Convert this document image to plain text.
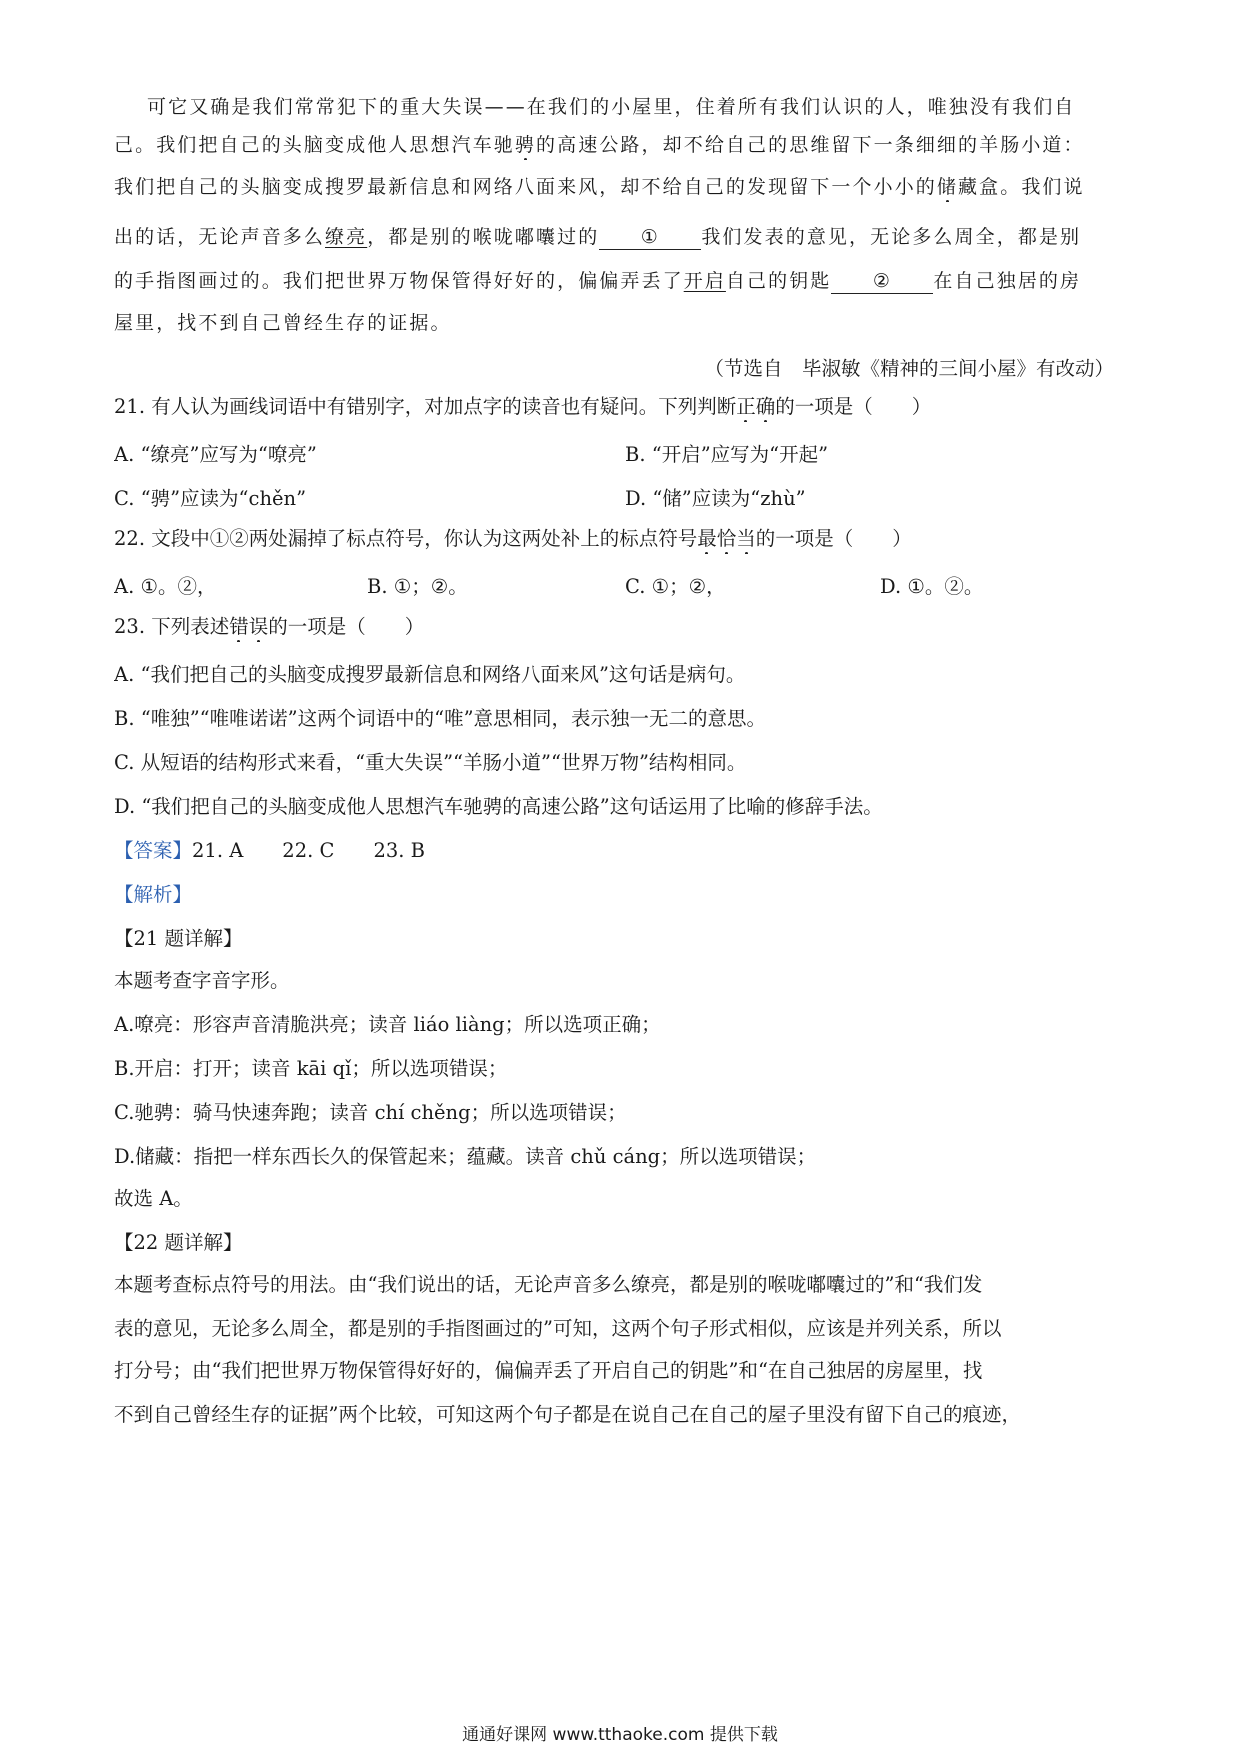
可它又确是我们常常犯下的重大失误——在我们的小屋里，住着所有我们认识的人，唯独没有我们自
己。我们把自己的头脑变成他人思想汽车驰骋的高速公路，却不给自己的思维留下一条细细的羊肠小道：
我们把自己的头脑变成搜罗最新信息和网络八面来风，却不给自己的发现留下一个小小的储藏盒。我们说
出的话，无论声音多么缭亮，都是别的喉咙嘟囔过的 ① 我们发表的意见，无论多么周全，都是别
的手指图画过的。我们把世界万物保管得好好的，偏偏弄丢了开启自己的钥匙 ② 在自己独居的房
屋里，找不到自己曾经生存的证据。
（节选自　毕淑敏《精神的三间小屋》有改动）
21. 有人认为画线词语中有错别字，对加点字的读音也有疑问。下列判断正确的一项是（　　）
A. “缭亮”应写为“嘹亮”	B. “开启”应写为“开起”
C. “骋”应读为“chěn”	D. “储”应读为“zhù”
22. 文段中①②两处漏掉了标点符号，你认为这两处补上的标点符号最恰当的一项是（　　）
A. ①。②，	B. ①；②。	C. ①；②，	D. ①。②。
23. 下列表述错误的一项是（　　）
A. “我们把自己的头脑变成搜罗最新信息和网络八面来风”这句话是病句。
B. “唯独”“唯唯诺诺”这两个词语中的“唯”意思相同，表示独一无二的意思。
C. 从短语的结构形式来看，“重大失误”“羊肠小道”“世界万物”结构相同。
D. “我们把自己的头脑变成他人思想汽车驰骋的高速公路”这句话运用了比喻的修辞手法。
【答案】21. A　　22. C　　23. B
【解析】
【21 题详解】
本题考查字音字形。
A.嘹亮：形容声音清脆洪亮；读音 liáo liàng；所以选项正确；
B.开启：打开；读音 kāi qǐ；所以选项错误；
C.驰骋：骑马快速奔跑；读音 chí chěng；所以选项错误；
D.储藏：指把一样东西长久的保管起来；蕴藏。读音 chǔ cáng；所以选项错误；
故选 A。
【22 题详解】
本题考查标点符号的用法。由“我们说出的话，无论声音多么缭亮，都是别的喉咙嘟囔过的”和“我们发
表的意见，无论多么周全，都是别的手指图画过的”可知，这两个句子形式相似，应该是并列关系，所以
打分号；由“我们把世界万物保管得好好的，偏偏弄丢了开启自己的钥匙”和“在自己独居的房屋里，找
不到自己曾经生存的证据”两个比较，可知这两个句子都是在说自己在自己的屋子里没有留下自己的痕迹，
通通好课网 www.tthaoke.com 提供下载
